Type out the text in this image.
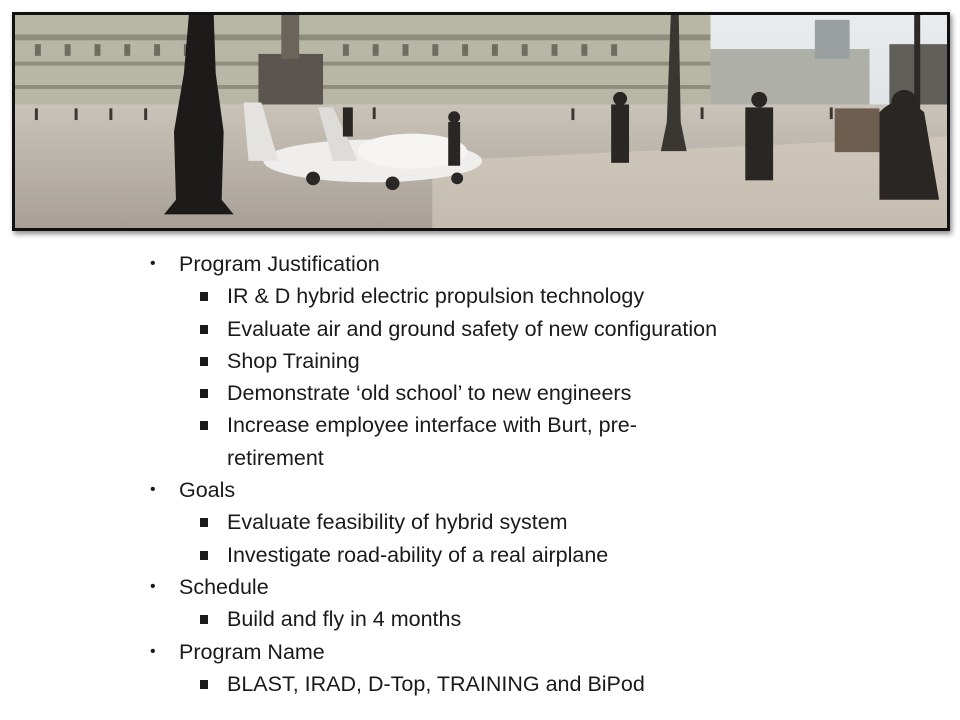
• Program Justification
IR & D hybrid electric propulsion technology
Evaluate air and ground safety of new configuration
Shop Training
Demonstrate ‘old school’ to new engineers
Increase employee interface with Burt, pre-retirement
• Goals
Evaluate feasibility of hybrid system
Investigate road-ability of a real airplane
• Schedule
Build and fly in 4 months
• Program Name
BLAST, IRAD, D-Top, TRAINING and BiPod
